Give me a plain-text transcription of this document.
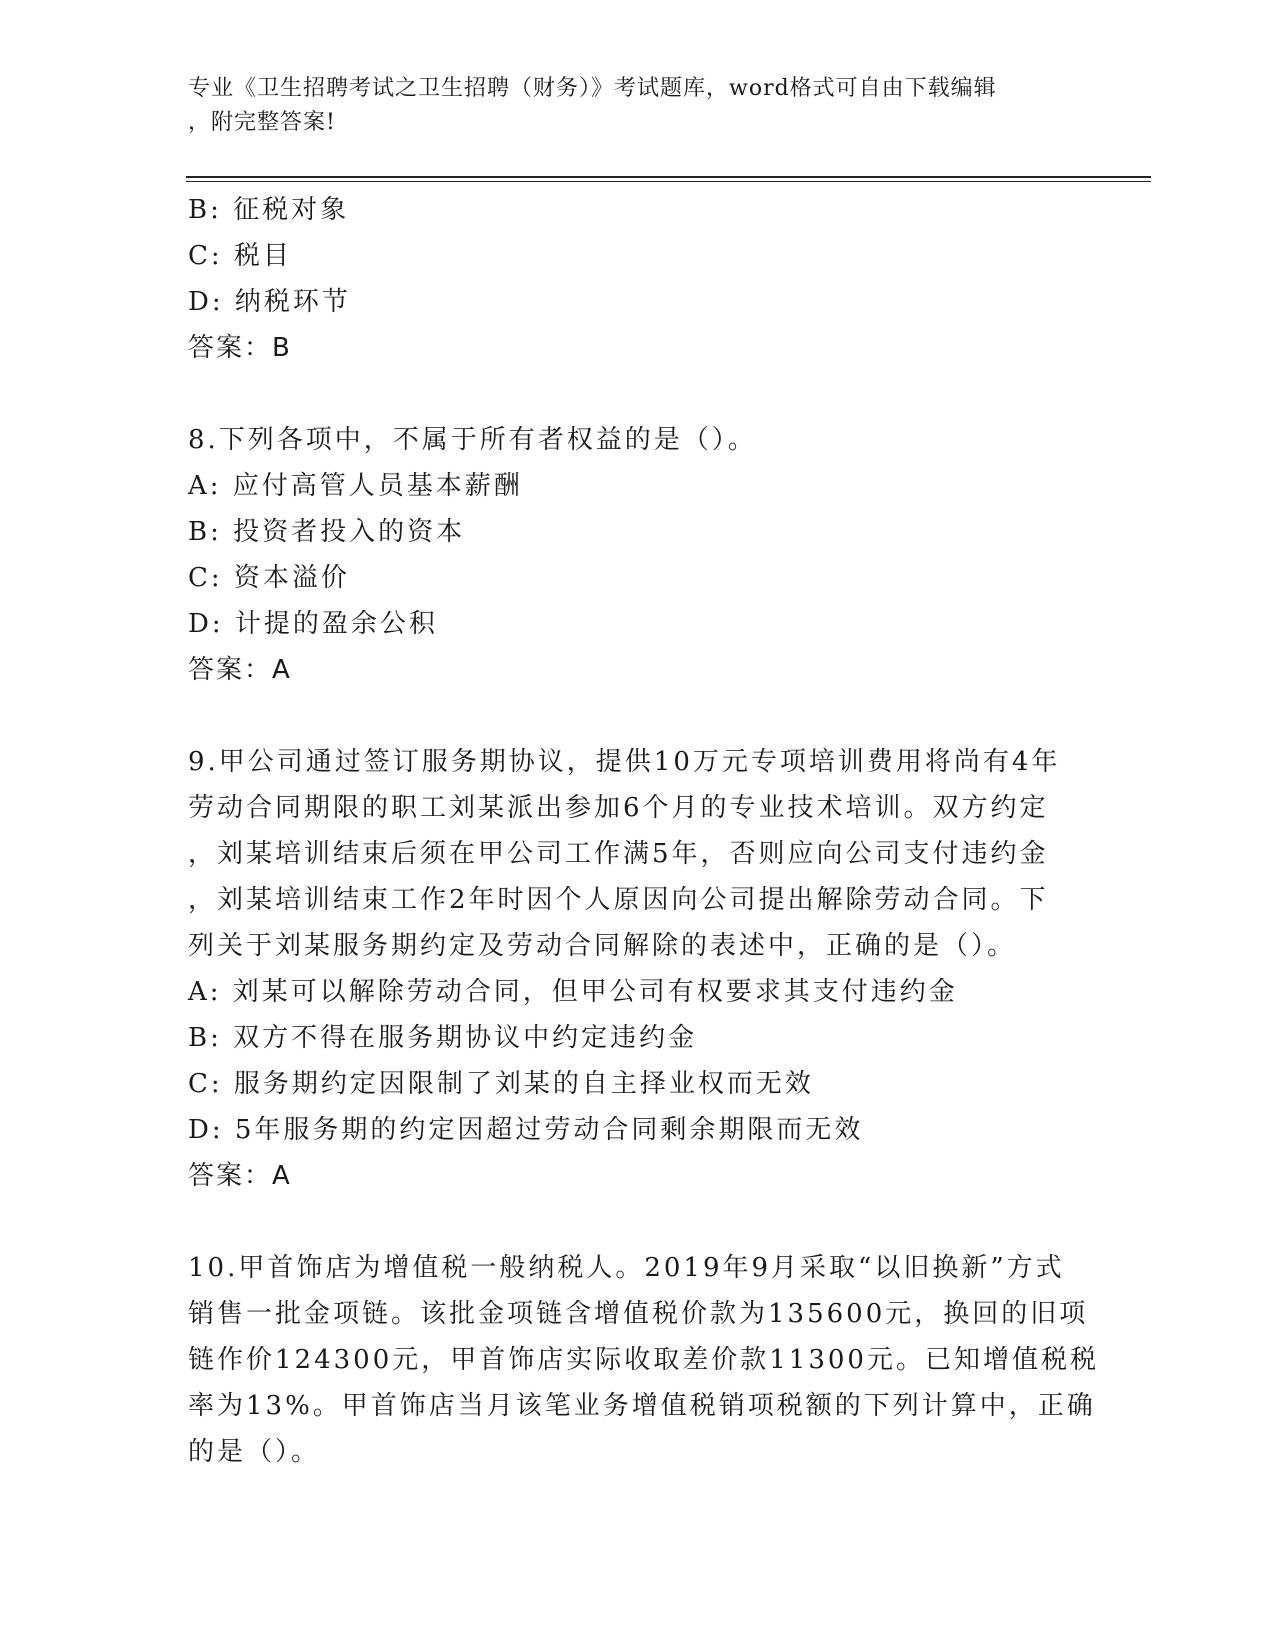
专业《卫生招聘考试之卫生招聘（财务）》考试题库，word格式可自由下载编辑
，附完整答案!
B: 征税对象
C: 税目
D: 纳税环节
答案：B
8.下列各项中，不属于所有者权益的是（）。
A: 应付高管人员基本薪酬
B: 投资者投入的资本
C: 资本溢价
D: 计提的盈余公积
答案：A
9.甲公司通过签订服务期协议，提供10万元专项培训费用将尚有4年
劳动合同期限的职工刘某派出参加6个月的专业技术培训。双方约定
，刘某培训结束后须在甲公司工作满5年，否则应向公司支付违约金
，刘某培训结束工作2年时因个人原因向公司提出解除劳动合同。下
列关于刘某服务期约定及劳动合同解除的表述中，正确的是（）。
A: 刘某可以解除劳动合同，但甲公司有权要求其支付违约金
B: 双方不得在服务期协议中约定违约金
C: 服务期约定因限制了刘某的自主择业权而无效
D: 5年服务期的约定因超过劳动合同剩余期限而无效
答案：A
10.甲首饰店为增值税一般纳税人。2019年9月采取“以旧换新”方式
销售一批金项链。该批金项链含增值税价款为135600元，换回的旧项
链作价124300元，甲首饰店实际收取差价款11300元。已知增值税税
率为13%。甲首饰店当月该笔业务增值税销项税额的下列计算中，正确
的是（）。
